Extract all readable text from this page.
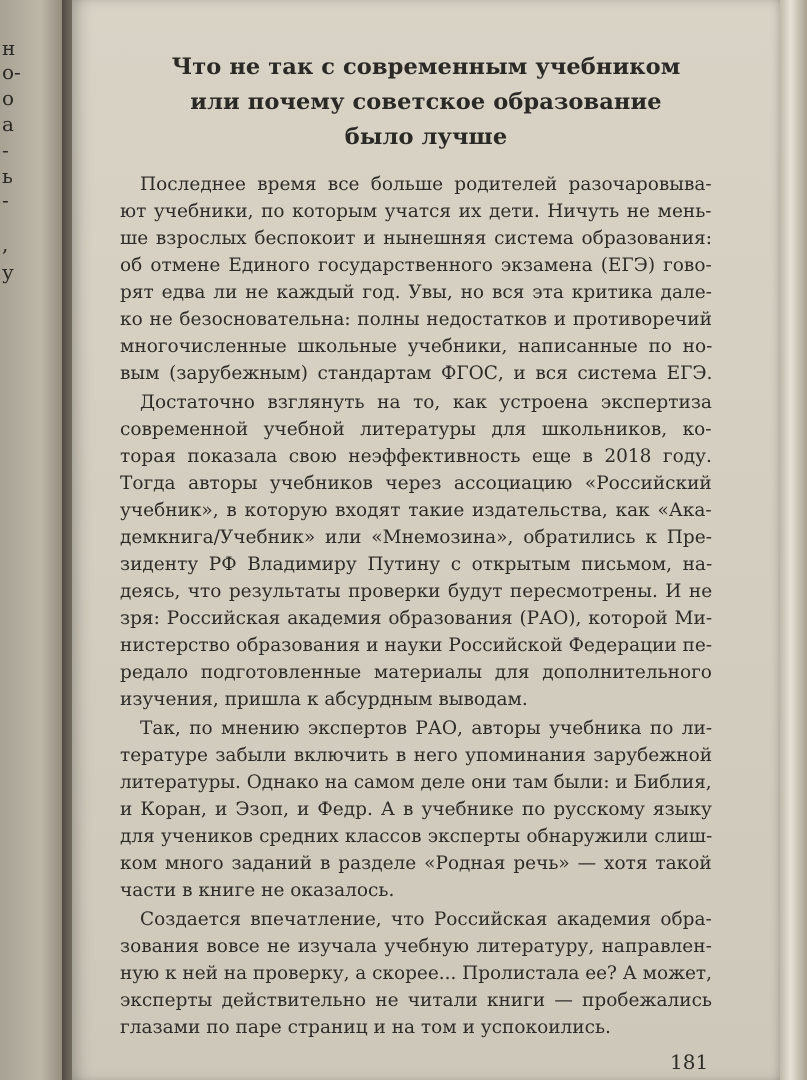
н
о-
о
а
-
ь
-
,
у
Что не так с современным учебником
или почему советское образование
было лучше
Последнее время все больше родителей разочаровыва-
ют учебники, по которым учатся их дети. Ничуть не мень-
ше взрослых беспокоит и нынешняя система образования:
об отмене Единого государственного экзамена (ЕГЭ) гово-
рят едва ли не каждый год. Увы, но вся эта критика дале-
ко не безосновательна: полны недостатков и противоречий
многочисленные школьные учебники, написанные по но-
вым (зарубежным) стандартам ФГОС, и вся система ЕГЭ.
Достаточно взглянуть на то, как устроена экспертиза
современной учебной литературы для школьников, ко-
торая показала свою неэффективность еще в 2018 году.
Тогда авторы учебников через ассоциацию «Российский
учебник», в которую входят такие издательства, как «Ака-
демкнига/Учебник» или «Мнемозина», обратились к Пре-
зиденту РФ Владимиру Путину с открытым письмом, на-
деясь, что результаты проверки будут пересмотрены. И не
зря: Российская академия образования (РАО), которой Ми-
нистерство образования и науки Российской Федерации пе-
редало подготовленные материалы для дополнительного
изучения, пришла к абсурдным выводам.
Так, по мнению экспертов РАО, авторы учебника по ли-
тературе забыли включить в него упоминания зарубежной
литературы. Однако на самом деле они там были: и Библия,
и Коран, и Эзоп, и Федр. А в учебнике по русскому языку
для учеников средних классов эксперты обнаружили слиш-
ком много заданий в разделе «Родная речь» — хотя такой
части в книге не оказалось.
Создается впечатление, что Российская академия обра-
зования вовсе не изучала учебную литературу, направлен-
ную к ней на проверку, а скорее... Пролистала ее? А может,
эксперты действительно не читали книги — пробежались
глазами по паре страниц и на том и успокоились.
181
